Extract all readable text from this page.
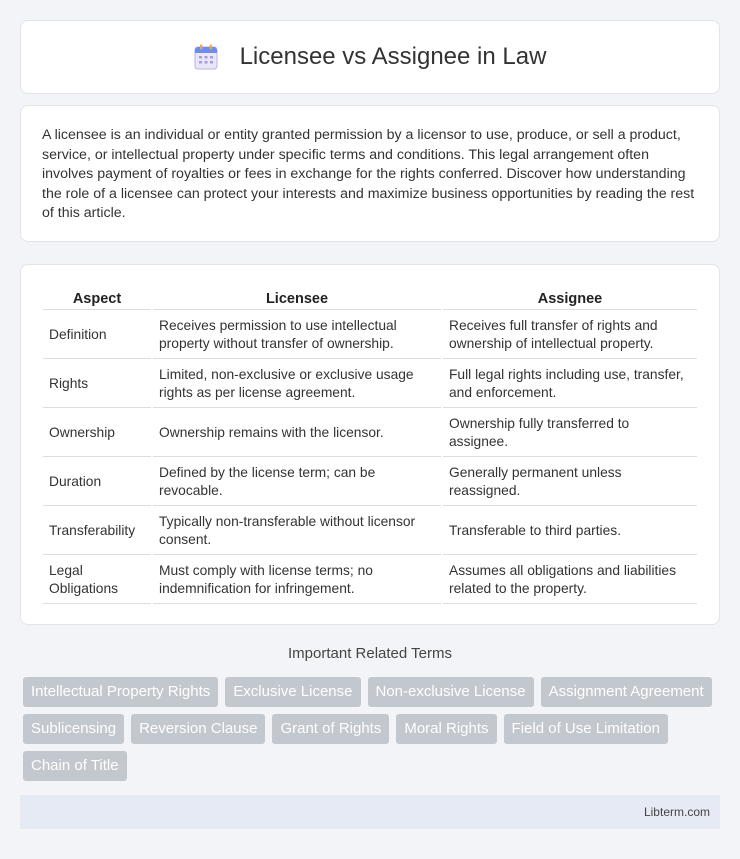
Licensee vs Assignee in Law

A licensee is an individual or entity granted permission by a licensor to use, produce, or sell a product, service, or intellectual property under specific terms and conditions. This legal arrangement often involves payment of royalties or fees in exchange for the rights conferred. Discover how understanding the role of a licensee can protect your interests and maximize business opportunities by reading the rest of this article.

Aspect	Licensee	Assignee
Definition	Receives permission to use intellectual property without transfer of ownership.	Receives full transfer of rights and ownership of intellectual property.
Rights	Limited, non-exclusive or exclusive usage rights as per license agreement.	Full legal rights including use, transfer, and enforcement.
Ownership	Ownership remains with the licensor.	Ownership fully transferred to assignee.
Duration	Defined by the license term; can be revocable.	Generally permanent unless reassigned.
Transferability	Typically non-transferable without licensor consent.	Transferable to third parties.
Legal Obligations	Must comply with license terms; no indemnification for infringement.	Assumes all obligations and liabilities related to the property.
Important Related Terms
Intellectual Property Rights	Exclusive License	Non-exclusive License	Assignment Agreement
Sublicensing	Reversion Clause	Grant of Rights	Moral Rights	Field of Use Limitation
Chain of Title
Libterm.com
